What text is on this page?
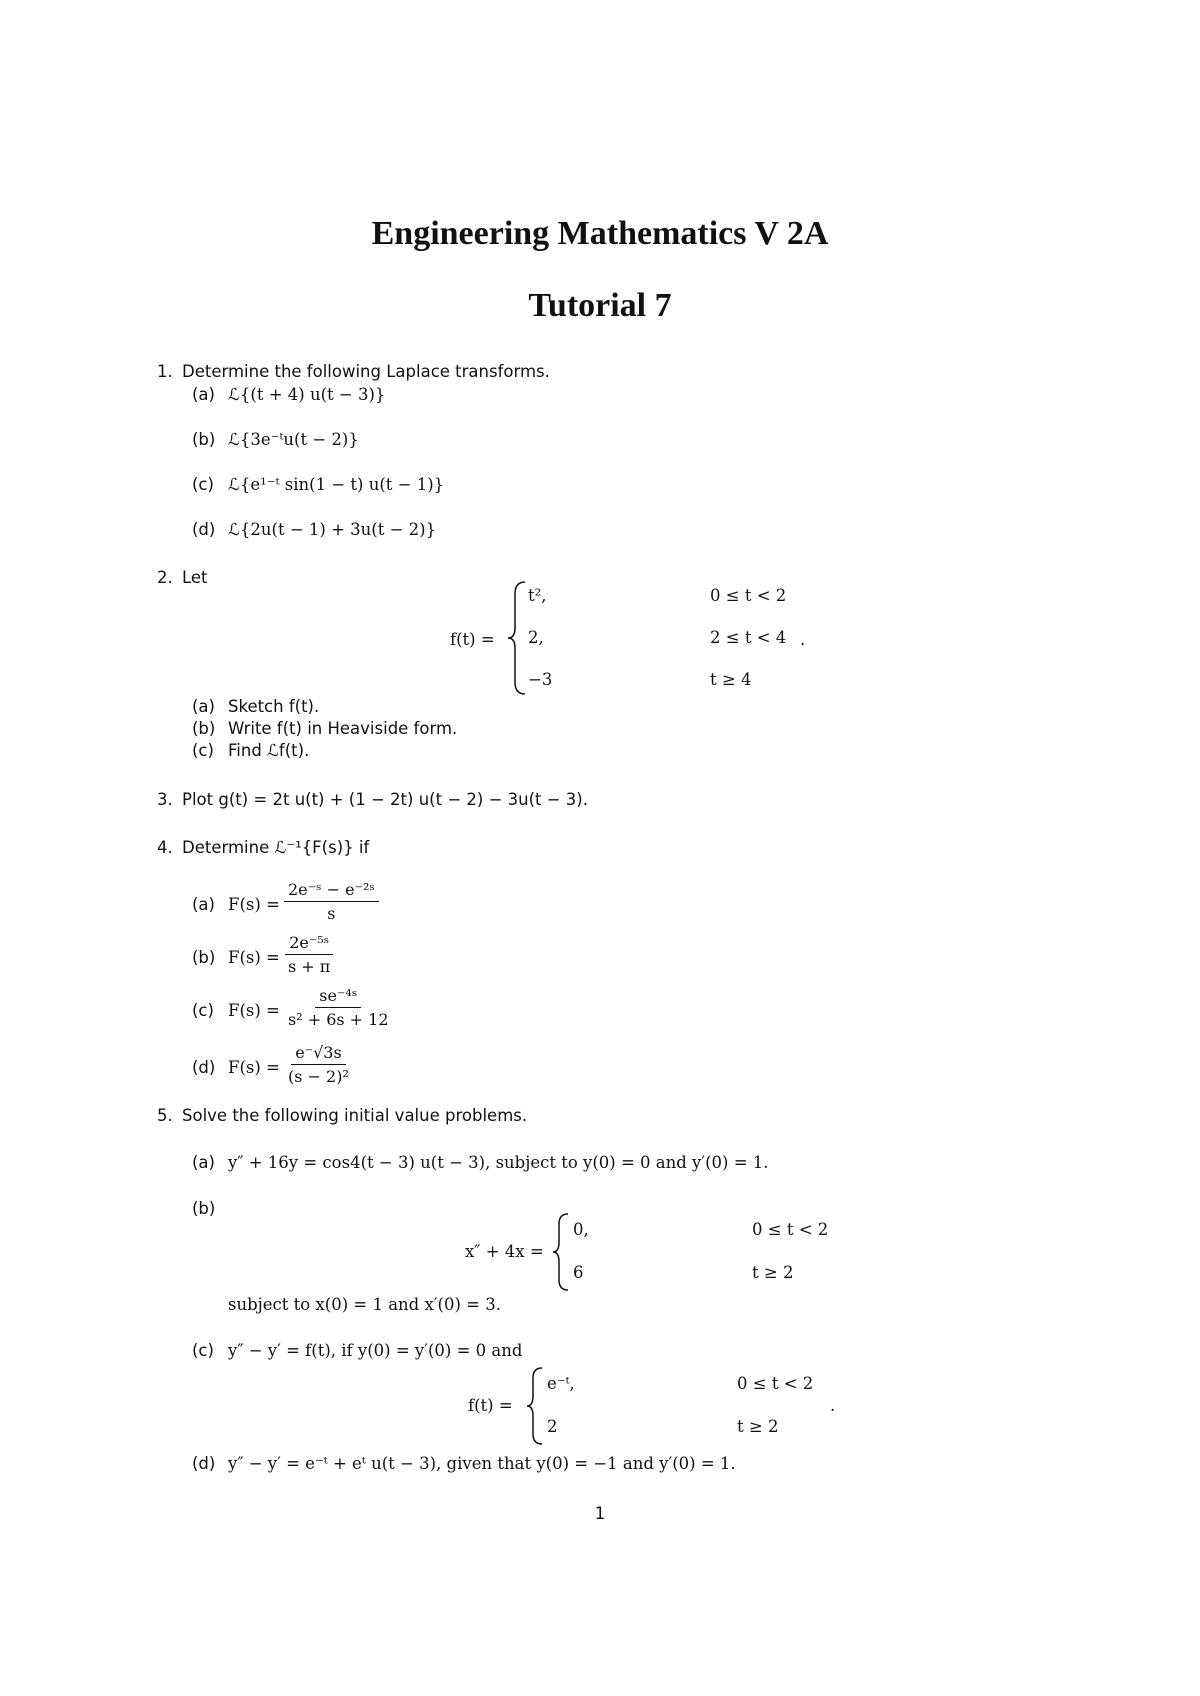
Engineering Mathematics V 2A
Tutorial 7
1. Determine the following Laplace transforms.
(a) ℒ{(t + 4) u(t − 3)}
(b) ℒ{3e⁻ᵗu(t − 2)}
(c) ℒ{e¹⁻ᵗ sin(1 − t) u(t − 1)}
(d) ℒ{2u(t − 1) + 3u(t − 2)}
2. Let
f(t) =
t²,	0 ≤ t < 2
2,	2 ≤ t < 4
−3	t ≥ 4
.
(a) Sketch f(t).
(b) Write f(t) in Heaviside form.
(c) Find ℒf(t).
3. Plot g(t) = 2t u(t) + (1 − 2t) u(t − 2) − 3u(t − 3).
4. Determine ℒ⁻¹{F(s)} if
(a) $F(s) = \frac{\text{2e⁻ˢ − e⁻²ˢ}}{s}$
(b) $F(s) = \frac{\text{2e⁻⁵ˢ}}{s + \pi}$
(c) $F(s) = \frac{\text{se⁻⁴ˢ}}{\text{s² + 6s + 12}}$
(d) $F(s) = \frac{e^-√3s}{\text{(s − 2)²}}$
5. Solve the following initial value problems.
(a) y″ + 16y = cos4(t − 3) u(t − 3), subject to y(0) = 0 and y′(0) = 1.
(b)
x″ + 4x =
0,	0 ≤ t < 2
6	t ≥ 2
subject to x(0) = 1 and x′(0) = 3.
(c) y″ − y′ = f(t), if y(0) = y′(0) = 0 and
f(t) =
e⁻ᵗ,	0 ≤ t < 2
2	t ≥ 2
.
(d) y″ − y′ = e⁻ᵗ + eᵗ u(t − 3), given that y(0) = −1 and y′(0) = 1.
1
